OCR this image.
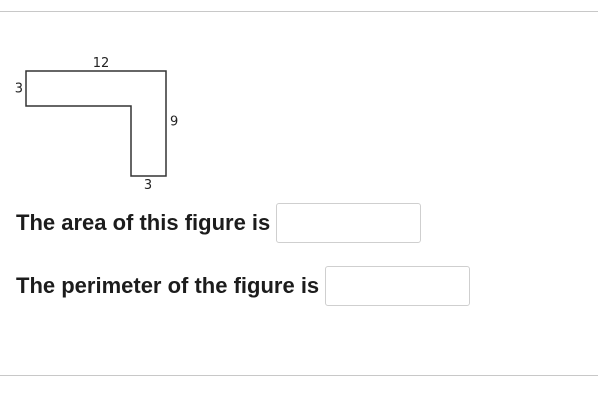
12
3
9
3
The area of this figure is
The perimeter of the figure is
